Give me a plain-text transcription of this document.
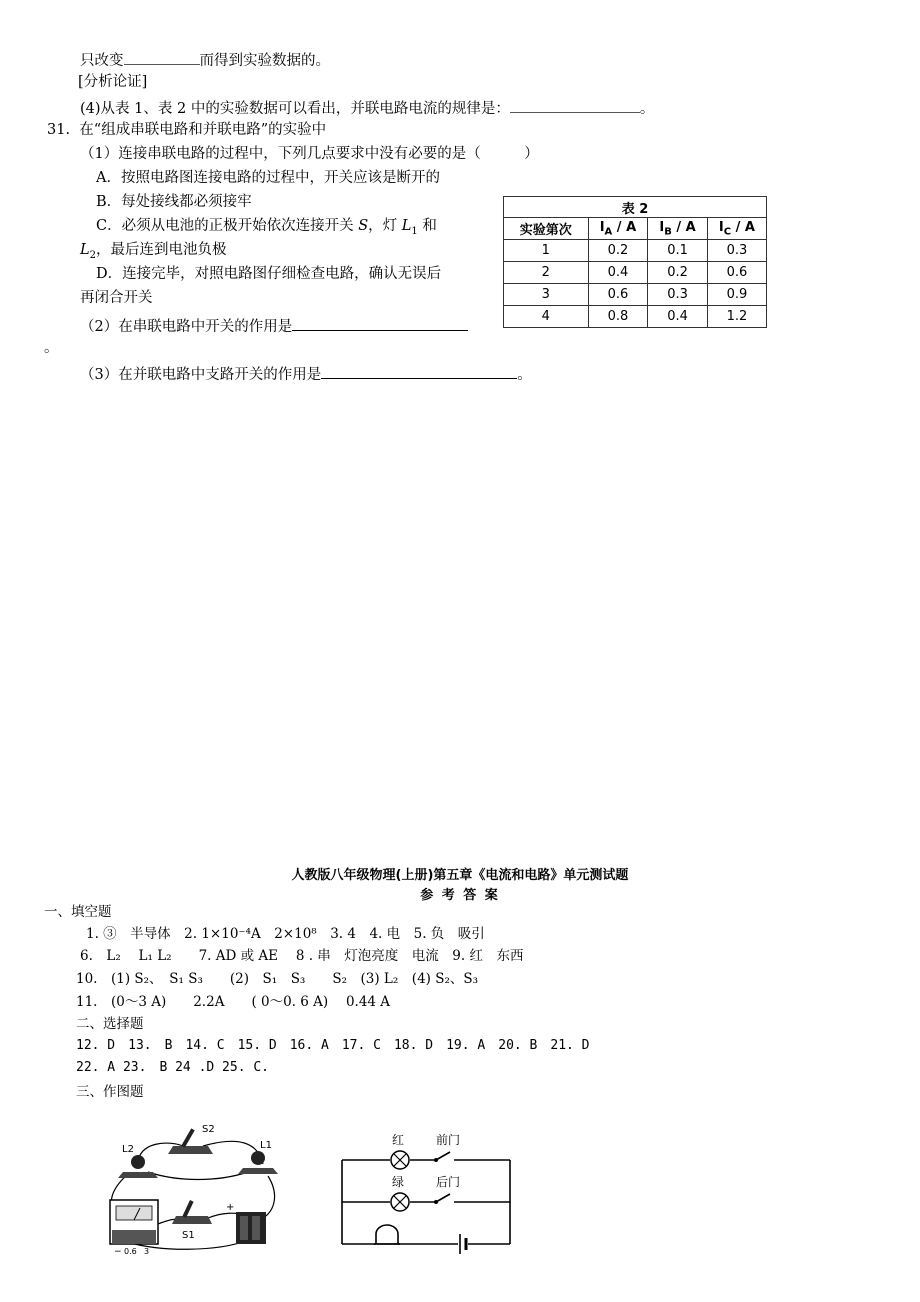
只改变	而得到实验数据的。
[分析论证]
(4)从表 1、表 2 中的实验数据可以看出，并联电路电流的规律是：	。
31. 在“组成串联电路和并联电路”的实验中
（1）连接串联电路的过程中，下列几点要求中没有必要的是（　　　）
A．按照电路图连接电路的过程中，开关应该是断开的
B．每处接线都必须接牢
C．必须从电池的正极开始依次连接开关 S，灯 $L_1$ 和
$L_2$，最后连到电池负极
D．连接完毕，对照电路图仔细检查电路，确认无误后
再闭合开关
（2）在串联电路中开关的作用是
。
（3）在并联电路中支路开关的作用是	。
表 2			
实验第次	$I_A$ / A	$I_B$ / A	$I_C$ / A
1	0.2	0.1	0.3
2	0.4	0.2	0.6
3	0.6	0.3	0.9
4	0.8	0.4	1.2
人教版八年级物理(上册)第五章《电流和电路》单元测试题
参 考 答 案
一、填空题
1. ③　半导体　2. 1×10⁻⁴A　2×10⁸　3. 4　4. 电　5. 负　吸引
6.　L₂　 L₁ L₂　　7. AD 或 AE　 8 . 串　灯泡亮度　电流　9. 红　东西
10.　(1) S₂、　S₁ S₃　　(2)　S₁　S₃　　S₂　(3) L₂　(4) S₂、S₃
11.　(0～3 A)　　2.2A　　( 0～0. 6 A)　 0.44 A
二、选择题
12. D　13.　B　14. C　15. D　16. A　17. C　18. D　19. A　20. B　21. D
22. A 23.　B 24 .D 25. C.
三、作图题
L2
S2
L1
S1
− 0.6 3
+
红	前门
绿	后门
